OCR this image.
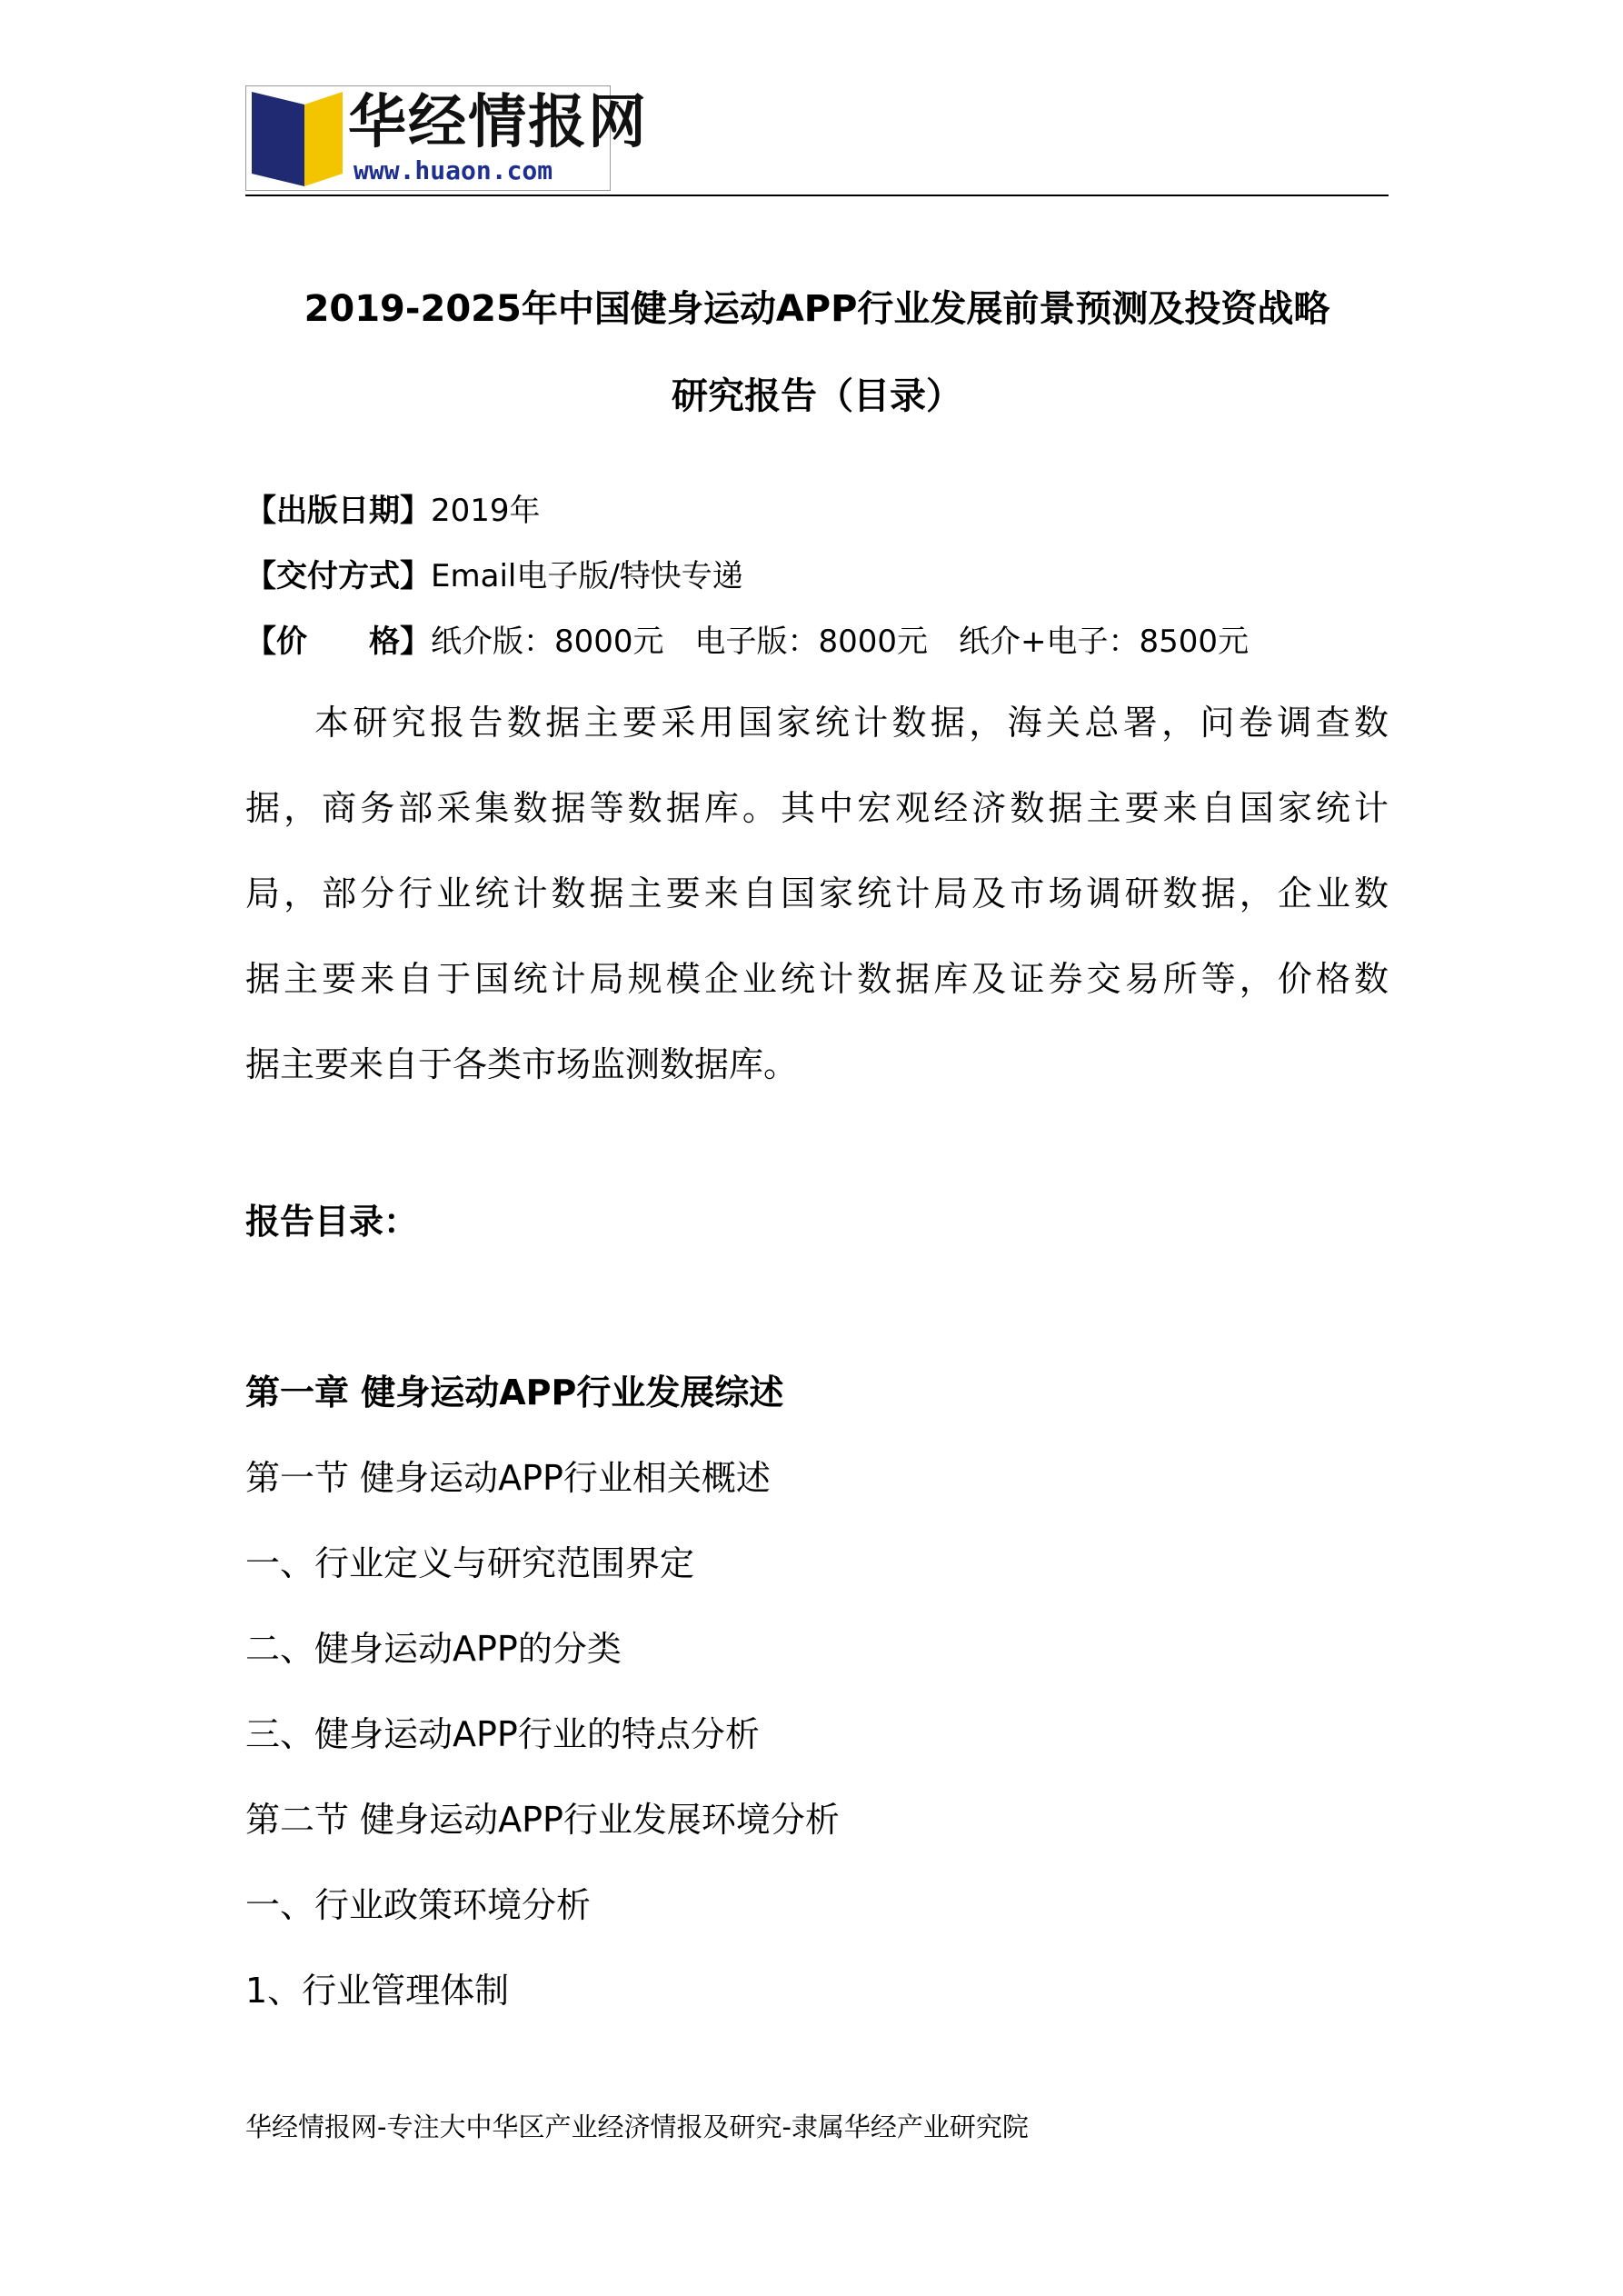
华经情报网
www.huaon.com
2019-2025年中国健身运动APP行业发展前景预测及投资战略
研究报告（目录）
【出版日期】2019年
【交付方式】Email电子版/特快专递
【价　　格】纸介版：8000元　电子版：8000元　纸介+电子：8500元
本研究报告数据主要采用国家统计数据，海关总署，问卷调查数
据，商务部采集数据等数据库。其中宏观经济数据主要来自国家统计
局，部分行业统计数据主要来自国家统计局及市场调研数据，企业数
据主要来自于国统计局规模企业统计数据库及证券交易所等，价格数
据主要来自于各类市场监测数据库。
报告目录：
第一章 健身运动APP行业发展综述
第一节 健身运动APP行业相关概述
一、行业定义与研究范围界定
二、健身运动APP的分类
三、健身运动APP行业的特点分析
第二节 健身运动APP行业发展环境分析
一、行业政策环境分析
1、行业管理体制
华经情报网-专注大中华区产业经济情报及研究-隶属华经产业研究院
